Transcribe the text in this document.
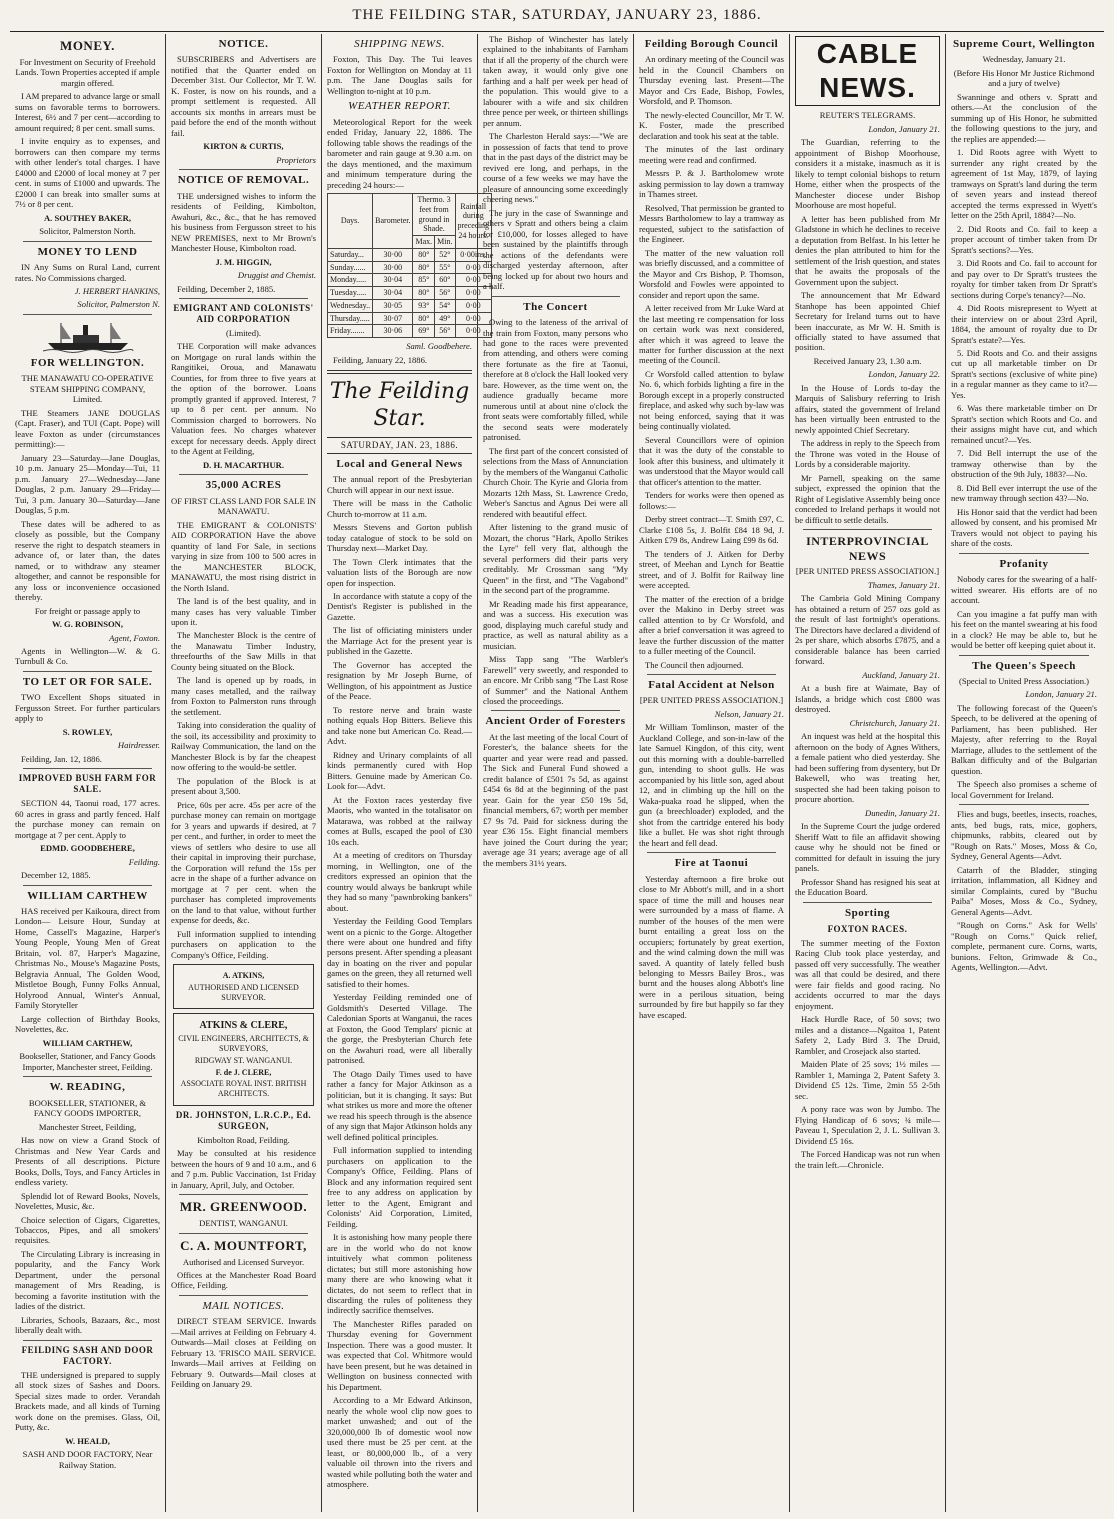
THE FEILDING STAR, SATURDAY, JANUARY 23, 1886.
MONEY.

For Investment on Security of Freehold Lands. Town Properties accepted if ample margin offered.

I AM prepared to advance large or small sums on favorable terms to borrowers. Interest, 6½ and 7 per cent—according to amount required; 8 per cent. small sums.

I invite enquiry as to expenses, and borrowers can then compare my terms with other lender's total charges. I have £4000 and £2000 of local money at 7 per cent. in sums of £1000 and upwards. The £2000 I can break into smaller sums at 7½ or 8 per cent.

A. SOUTHEY BAKER,

Solicitor, Palmerston North.

MONEY TO LEND

IN Any Sums on Rural Land, current rates. No Commissions charged.

J. HERBERT HANKINS,

Solicitor, Palmerston N.

FOR WELLINGTON.

THE MANAWATU CO-OPERATIVE STEAM SHIPPING COMPANY, Limited.

THE Steamers JANE DOUGLAS (Capt. Fraser), and TUI (Capt. Pope) will leave Foxton as under (circumstances permitting):—

January 23—Saturday—Jane Douglas, 10 p.m. January 25—Monday—Tui, 11 p.m. January 27—Wednesday—Jane Douglas, 2 p.m. January 29—Friday—Tui, 3 p.m. January 30—Saturday—Jane Douglas, 5 p.m.

These dates will be adhered to as closely as possible, but the Company reserve the right to despatch steamers in advance of, or later than, the dates named, or to withdraw any steamer altogether, and cannot be responsible for any loss or inconvenience occasioned thereby.

For freight or passage apply to

W. G. ROBINSON,

Agent, Foxton.

Agents in Wellington—W. & G. Turnbull & Co.

TO LET OR FOR SALE.

TWO Excellent Shops situated in Fergusson Street. For further particulars apply to

S. ROWLEY,

Hairdresser.

Feilding, Jan. 12, 1886.

IMPROVED BUSH FARM FOR SALE.

SECTION 44, Taonui road, 177 acres. 60 acres in grass and partly fenced. Half the purchase money can remain on mortgage at 7 per cent. Apply to

EDMD. GOODBEHERE,

Feilding.

December 12, 1885.

WILLIAM CARTHEW

HAS received per Kaikoura, direct from London— Leisure Hour, Sunday at Home, Cassell's Magazine, Harper's Young People, Young Men of Great Britain, vol. 87, Harper's Magazine, Christmas No., Mouse's Magazine Posts, Belgravia Annual, The Golden Wood, Mistletoe Bough, Funny Folks Annual, Holyrood Annual, Winter's Annual, Family Storyteller

Large collection of Birthday Books, Novelettes, &c.

WILLIAM CARTHEW,

Bookseller, Stationer, and Fancy Goods Importer, Manchester street, Feilding.

W. READING,

BOOKSELLER, STATIONER, & FANCY GOODS IMPORTER,

Manchester Street, Feilding,

Has now on view a Grand Stock of Christmas and New Year Cards and Presents of all descriptions. Picture Books, Dolls, Toys, and Fancy Articles in endless variety.

Splendid lot of Reward Books, Novels, Novelettes, Music, &c.

Choice selection of Cigars, Cigarettes, Tobaccos, Pipes, and all smokers' requisites.

The Circulating Library is increasing in popularity, and the Fancy Work Department, under the personal management of Mrs Reading, is becoming a favorite institution with the ladies of the district.

Libraries, Schools, Bazaars, &c., most liberally dealt with.

FEILDING SASH AND DOOR FACTORY.

THE undersigned is prepared to supply all stock sizes of Sashes and Doors. Special sizes made to order. Verandah Brackets made, and all kinds of Turning work done on the premises. Glass, Oil, Putty, &c.

W. HEALD,

SASH AND DOOR FACTORY, Near Railway Station.

NOTICE.

SUBSCRIBERS and Advertisers are notified that the Quarter ended on December 31st. Our Collector, Mr T. W. K. Foster, is now on his rounds, and a prompt settlement is requested. All accounts six months in arrears must be paid before the end of the month without fail.

KIRTON & CURTIS,

Proprietors

NOTICE OF REMOVAL.

THE undersigned wishes to inform the residents of Feilding, Kimbolton, Awahuri, &c., &c., that he has removed his business from Fergusson street to his NEW PREMISES, next to Mr Brown's Manchester House, Kimbolton road.

J. M. HIGGIN,

Druggist and Chemist.

Feilding, December 2, 1885.

EMIGRANT AND COLONISTS' AID CORPORATION

(Limited).

THE Corporation will make advances on Mortgage on rural lands within the Rangitikei, Oroua, and Manawatu Counties, for from three to five years at the option of the borrower. Loans promptly granted if approved. Interest, 7 up to 8 per cent. per annum. No Commission charged to borrowers. No Valuation fees. No charges whatever except for necessary deeds. Apply direct to the Agent at Feilding,

D. H. MACARTHUR.

35,000 ACRES

OF FIRST CLASS LAND FOR SALE IN MANAWATU.

THE EMIGRANT & COLONISTS' AID CORPORATION Have the above quantity of land For Sale, in sections varying in size from 100 to 500 acres in the MANCHESTER BLOCK, MANAWATU, the most rising district in the North Island.

The land is of the best quality, and in many cases has very valuable Timber upon it.

The Manchester Block is the centre of the Manawatu Timber Industry, threefourths of the Saw Mills in that County being situated on the Block.

The land is opened up by roads, in many cases metalled, and the railway from Foxton to Palmerston runs through the settlement.

Taking into consideration the quality of the soil, its accessibility and proximity to Railway Communication, the land on the Manchester Block is by far the cheapest now offering to the would-be settler.

The population of the Block is at present about 3,500.

Price, 60s per acre. 45s per acre of the purchase money can remain on mortgage for 3 years and upwards if desired, at 7 per cent., and further, in order to meet the views of settlers who desire to use all their capital in improving their purchase, the Corporation will refund the 15s per acre in the shape of a further advance on mortgage at 7 per cent. when the purchaser has completed improvements on the land to that value, without further expense for deeds, &c.

Full information supplied to intending purchasers on application to the Company's Office, Feilding.

A. ATKINS,
AUTHORISED AND LICENSED SURVEYOR.
ATKINS & CLERE,
CIVIL ENGINEERS, ARCHITECTS, & SURVEYORS,
RIDGWAY ST. WANGANUI.
F. de J. CLERE,
ASSOCIATE ROYAL INST. BRITISH ARCHITECTS.
DR. JOHNSTON, L.R.C.P., Ed. SURGEON,

Kimbolton Road, Feilding.

May be consulted at his residence between the hours of 9 and 10 a.m., and 6 and 7 p.m. Public Vaccination, 1st Friday in January, April, July, and October.

MR. GREENWOOD.

DENTIST, WANGANUI.

C. A. MOUNTFORT,

Authorised and Licensed Surveyor.

Offices at the Manchester Road Board Office, Feilding.

MAIL NOTICES.

DIRECT STEAM SERVICE. Inwards—Mail arrives at Feilding on February 4. Outwards—Mail closes at Feilding on February 13. 'FRISCO MAIL SERVICE. Inwards—Mail arrives at Feilding on February 9. Outwards—Mail closes at Feilding on January 29.

SHIPPING NEWS.

Foxton, This Day. The Tui leaves Foxton for Wellington on Monday at 11 p.m. The Jane Douglas sails for Wellington to-night at 10 p.m.

WEATHER REPORT.

Meteorological Report for the week ended Friday, January 22, 1886. The following table shows the readings of the barometer and rain gauge at 9.30 a.m. on the days mentioned, and the maximum and minimum temperature during the preceding 24 hours:—

Days.	Barometer.	Thermo. 3 feet from ground in Shade.		Rainfall during preceding 24 hours.
		Max.	Min.	
Saturday...	30·00	80°	52°	0·00ins.
Sunday......	30·00	80°	55°	0·00
Monday.....	30·04	85°	60°	0·00
Tuesday.....	30·04	80°	56°	0·00
Wednesday..	30·05	93°	54°	0·00
Thursday.....	30·07	80°	49°	0·00
Friday.......	30·06	69°	56°	0·00

Saml. Goodbehere.

Feilding, January 22, 1886.

The Feilding Star.
SATURDAY, JAN. 23, 1886.
Local and General News

The annual report of the Presbyterian Church will appear in our next issue.

There will be mass in the Catholic Church to-morrow at 11 a.m.

Messrs Stevens and Gorton publish today catalogue of stock to be sold on Thursday next—Market Day.

The Town Clerk intimates that the valuation lists of the Borough are now open for inspection.

In accordance with statute a copy of the Dentist's Register is published in the Gazette.

The list of officiating ministers under the Marriage Act for the present year is published in the Gazette.

The Governor has accepted the resignation by Mr Joseph Burne, of Wellington, of his appointment as Justice of the Peace.

To restore nerve and brain waste nothing equals Hop Bitters. Believe this and take none but American Co. Read.—Advt.

Ridney and Urinary complaints of all kinds permanently cured with Hop Bitters. Genuine made by American Co. Look for—Advt.

At the Foxton races yesterday five Maoris, who wanted in the totalisator on Matarawa, was robbed at the railway comes at Bulls, escaped the pool of £30 10s each.

At a meeting of creditors on Thursday morning, in Wellington, one of the creditors expressed an opinion that the country would always be bankrupt while they had so many "pawnbroking bankers" about.

Yesterday the Feilding Good Templars went on a picnic to the Gorge. Altogether there were about one hundred and fifty persons present. After spending a pleasant day in boating on the river and popular games on the green, they all returned well satisfied to their homes.

Yesterday Feilding reminded one of Goldsmith's Deserted Village. The Caledonian Sports at Wanganui, the races at Foxton, the Good Templars' picnic at the gorge, the Presbyterian Church fete on the Awahuri road, were all liberally patronised.

The Otago Daily Times used to have rather a fancy for Major Atkinson as a politician, but it is changing. It says: But what strikes us more and more the oftener we read his speech through is the absence of any sign that Major Atkinson holds any well defined political principles.

Full information supplied to intending purchasers on application to the Company's Office, Feilding. Plans of Block and any information required sent free to any address on application by letter to the Agent, Emigrant and Colonists' Aid Corporation, Limited, Feilding.

It is astonishing how many people there are in the world who do not know intuitively what common politeness dictates; but still more astonishing how many there are who knowing what it dictates, do not seem to reflect that in discarding the rules of politeness they indirectly sacrifice themselves.

The Manchester Rifles paraded on Thursday evening for Government Inspection. There was a good muster. It was expected that Col. Whitmore would have been present, but he was detained in Wellington on business connected with his Department.

According to a Mr Edward Atkinson, nearly the whole wool clip now goes to market unwashed; and out of the 320,000,000 lb of domestic wool now used there must be 25 per cent. at the least, or 80,000,000 lb., of a very valuable oil thrown into the rivers and wasted while polluting both the water and atmosphere.

The Bishop of Winchester has lately explained to the inhabitants of Farnham that if all the property of the church were taken away, it would only give one farthing and a half per week per head of the population. This would give to a labourer with a wife and six children three pence per week, or thirteen shillings per annum.

The Charleston Herald says:—"We are in possession of facts that tend to prove that in the past days of the district may be revived ere long, and perhaps, in the course of a few weeks we may have the pleasure of announcing some exceedingly cheering news."

The jury in the case of Swanninge and others v Spratt and others being a claim for £10,000, for losses alleged to have been sustained by the plaintiffs through the actions of the defendants were discharged yesterday afternoon, after being locked up for about two hours and a half.

The Concert

Owing to the lateness of the arrival of the train from Foxton, many persons who had gone to the races were prevented from attending, and others were coming there fortunate as the fire at Taonui, therefore at 8 o'clock the Hall looked very bare. However, as the time went on, the audience gradually became more numerous until at about nine o'clock the front seats were comfortably filled, while the second seats were moderately patronised.

The first part of the concert consisted of selections from the Mass of Annunciation by the members of the Wanganui Catholic Church Choir. The Kyrie and Gloria from Mozarts 12th Mass, St. Lawrence Credo, Weber's Sanctus and Agnus Dei were all rendered with beautiful effect.

After listening to the grand music of Mozart, the chorus "Hark, Apollo Strikes the Lyre" fell very flat, although the several performers did their parts very creditably. Mr Crossman sang "My Queen" in the first, and "The Vagabond" in the second part of the programme.

Mr Reading made his first appearance, and was a success. His execution was good, displaying much careful study and practice, as well as natural ability as a musician.

Miss Tapp sang "The Warbler's Farewell" very sweetly, and responded to an encore. Mr Cribb sang "The Last Rose of Summer" and the National Anthem closed the proceedings.

Ancient Order of Foresters

At the last meeting of the local Court of Forester's, the balance sheets for the quarter and year were read and passed. The Sick and Funeral Fund showed a credit balance of £501 7s 5d, as against £454 6s 8d at the beginning of the past year. Gain for the year £50 19s 5d, financial members, 67; worth per member £7 9s 7d. Paid for sickness during the year £36 15s. Eight financial members have joined the Court during the year; average age 31 years; average age of all the members 31½ years.

Feilding Borough Council

An ordinary meeting of the Council was held in the Council Chambers on Thursday evening last. Present—The Mayor and Crs Eade, Bishop, Fowles, Worsfold, and P. Thomson.

The newly-elected Councillor, Mr T. W. K. Foster, made the prescribed declaration and took his seat at the table.

The minutes of the last ordinary meeting were read and confirmed.

Messrs P. & J. Bartholomew wrote asking permission to lay down a tramway in Thames street.

Resolved, That permission be granted to Messrs Bartholomew to lay a tramway as requested, subject to the satisfaction of the Engineer.

The matter of the new valuation roll was briefly discussed, and a committee of the Mayor and Crs Bishop, P. Thomson, Worsfold and Fowles were appointed to consider and report upon the same.

A letter received from Mr Luke Ward at the last meeting re compensation for loss on certain work was next considered, after which it was agreed to leave the matter for further discussion at the next meeting of the Council.

Cr Worsfold called attention to bylaw No. 6, which forbids lighting a fire in the Borough except in a properly constructed fireplace, and asked why such by-law was not being enforced, saying that it was being continually violated.

Several Councillors were of opinion that it was the duty of the constable to look after this business, and ultimately it was understood that the Mayor would call that officer's attention to the matter.

Tenders for works were then opened as follows:—

Derby street contract—T. Smith £97, C. Clarke £108 5s, J. Bolfit £84 18 9d, J. Aitken £79 8s, Andrew Laing £99 8s 6d.

The tenders of J. Aitken for Derby street, of Meehan and Lynch for Beattie street, and of J. Bolfit for Railway line were accepted.

The matter of the erection of a bridge over the Makino in Derby street was called attention to by Cr Worsfold, and after a brief conversation it was agreed to leave the further discussion of the matter to a fuller meeting of the Council.

The Council then adjourned.

Fatal Accident at Nelson

[PER UNITED PRESS ASSOCIATION.]

Nelson, January 21.

Mr William Tomlinson, master of the Auckland College, and son-in-law of the late Samuel Kingdon, of this city, went out this morning with a double-barrelled gun, intending to shoot gulls. He was accompanied by his little son, aged about 12, and in climbing up the hill on the Waka-puaka road he slipped, when the gun (a breechloader) exploded, and the shot from the cartridge entered his body like a bullet. He was shot right through the heart and fell dead.

Fire at Taonui

Yesterday afternoon a fire broke out close to Mr Abbott's mill, and in a short space of time the mill and houses near were surrounded by a mass of flame. A number of the houses of the men were burnt entailing a great loss on the occupiers; fortunately by great exertion, and the wind calming down the mill was saved. A quantity of lately felled bush belonging to Messrs Bailey Bros., was burnt and the houses along Abbott's line were in a perilous situation, being surrounded by fire but happily so far they have escaped.

CABLE NEWS.

REUTER'S TELEGRAMS.

London, January 21.

The Guardian, referring to the appointment of Bishop Moorhouse, considers it a mistake, inasmuch as it is likely to tempt colonial bishops to return Home, either when the prospects of the Manchester diocese under Bishop Moorhouse are most hopeful.

A letter has been published from Mr Gladstone in which he declines to receive a deputation from Belfast. In his letter he denies the plan attributed to him for the settlement of the Irish question, and states that he awaits the proposals of the Government upon the subject.

The announcement that Mr Edward Stanhope has been appointed Chief Secretary for Ireland turns out to have been inaccurate, as Mr W. H. Smith is officially stated to have assumed that position.

Received January 23, 1.30 a.m.

London, January 22.

In the House of Lords to-day the Marquis of Salisbury referring to Irish affairs, stated the government of Ireland has been virtually been entrusted to the newly appointed Chief Secretary.

The address in reply to the Speech from the Throne was voted in the House of Lords by a considerable majority.

Mr Parnell, speaking on the same subject, expressed the opinion that the Right of Legislative Assembly being once conceded to Ireland perhaps it would not be difficult to settle details.

INTERPROVINCIAL NEWS

[PER UNITED PRESS ASSOCIATION.]

Thames, January 21.

The Cambria Gold Mining Company has obtained a return of 257 ozs gold as the result of last fortnight's operations. The Directors have declared a dividend of 2s per share, which absorbs £7875, and a considerable balance has been carried forward.

Auckland, January 21.

At a bush fire at Waimate, Bay of Islands, a bridge which cost £800 was destroyed.

Christchurch, January 21.

An inquest was held at the hospital this afternoon on the body of Agnes Withers, a female patient who died yesterday. She had been suffering from dysentery, but Dr Bakewell, who was treating her, suspected she had been taking poison to procure abortion.

Dunedin, January 21.

In the Supreme Court the judge ordered Sheriff Watt to file an affidavit showing cause why he should not be fined or committed for default in issuing the jury panels.

Professor Shand has resigned his seat at the Education Board.

Sporting
FOXTON RACES.

The summer meeting of the Foxton Racing Club took place yesterday, and passed off very successfully. The weather was all that could be desired, and there were fair fields and good racing. No accidents occurred to mar the days enjoyment.

Hack Hurdle Race, of 50 sovs; two miles and a distance—Ngaitoa 1, Patent Safety 2, Lady Bird 3. The Druid, Rambler, and Crosejack also started.

Maiden Plate of 25 sovs; 1½ miles —Rambler 1, Maminga 2, Patent Safety 3. Dividend £5 12s. Time, 2min 55 2-5th sec.

A pony race was won by Jumbo. The Flying Handicap of 6 sovs; ¾ mile—Paveau 1, Speculation 2, J. L. Sullivan 3. Dividend £5 16s.

The Forced Handicap was not run when the train left.—Chronicle.

Supreme Court, Wellington

Wednesday, January 21.

(Before His Honor Mr Justice Richmond and a jury of twelve)

Swanninge and others v. Spratt and others.—At the conclusion of the summing up of His Honor, he submitted the following questions to the jury, and the replies are appended:—

1. Did Roots agree with Wyett to surrender any right created by the agreement of 1st May, 1879, of laying tramways on Spratt's land during the term of seven years and instead thereof accepted the terms expressed in Wyett's letter on the 25th April, 1884?—No.

2. Did Roots and Co. fail to keep a proper account of timber taken from Dr Spratt's sections?—Yes.

3. Did Roots and Co. fail to account for and pay over to Dr Spratt's trustees the royalty for timber taken from Dr Spratt's sections during Corpe's tenancy?—No.

4. Did Roots misrepresent to Wyett at their interview on or about 23rd April, 1884, the amount of royalty due to Dr Spratt's estate?—Yes.

5. Did Roots and Co. and their assigns cut up all marketable timber on Dr Spratt's sections (exclusive of white pine) in a regular manner as they came to it?—Yes.

6. Was there marketable timber on Dr Spratt's section which Roots and Co. and their assigns might have cut, and which remained uncut?—Yes.

7. Did Bell interrupt the use of the tramway otherwise than by the obstruction of the 9th July, 1883?—No.

8. Did Bell ever interrupt the use of the new tramway through section 43?—No.

His Honor said that the verdict had been allowed by consent, and his promised Mr Travers would not object to paying his share of the costs.

Profanity

Nobody cares for the swearing of a half-witted swearer. His efforts are of no account.

Can you imagine a fat puffy man with his feet on the mantel swearing at his food in a clock? He may be able to, but he would be better off keeping quiet about it.

The Queen's Speech

(Special to United Press Association.)

London, January 21.

The following forecast of the Queen's Speech, to be delivered at the opening of Parliament, has been published. Her Majesty, after referring to the Royal Marriage, alludes to the settlement of the Balkan difficulty and of the Bulgarian question.

The Speech also promises a scheme of local Government for Ireland.

Flies and bugs, beetles, insects, roaches, ants, bed bugs, rats, mice, gophers, chipmunks, rabbits, cleared out by "Rough on Rats." Moses, Moss & Co, Sydney, General Agents—Advt.

Catarrh of the Bladder, stinging irritation, inflammation, all Kidney and similar Complaints, cured by "Buchu Paiba" Moses, Moss & Co., Sydney, General Agents—Advt.

"Rough on Corns." Ask for Wells' "Rough on Corns." Quick relief, complete, permanent cure. Corns, warts, bunions. Felton, Grimwade & Co., Agents, Wellington.—Advt.
